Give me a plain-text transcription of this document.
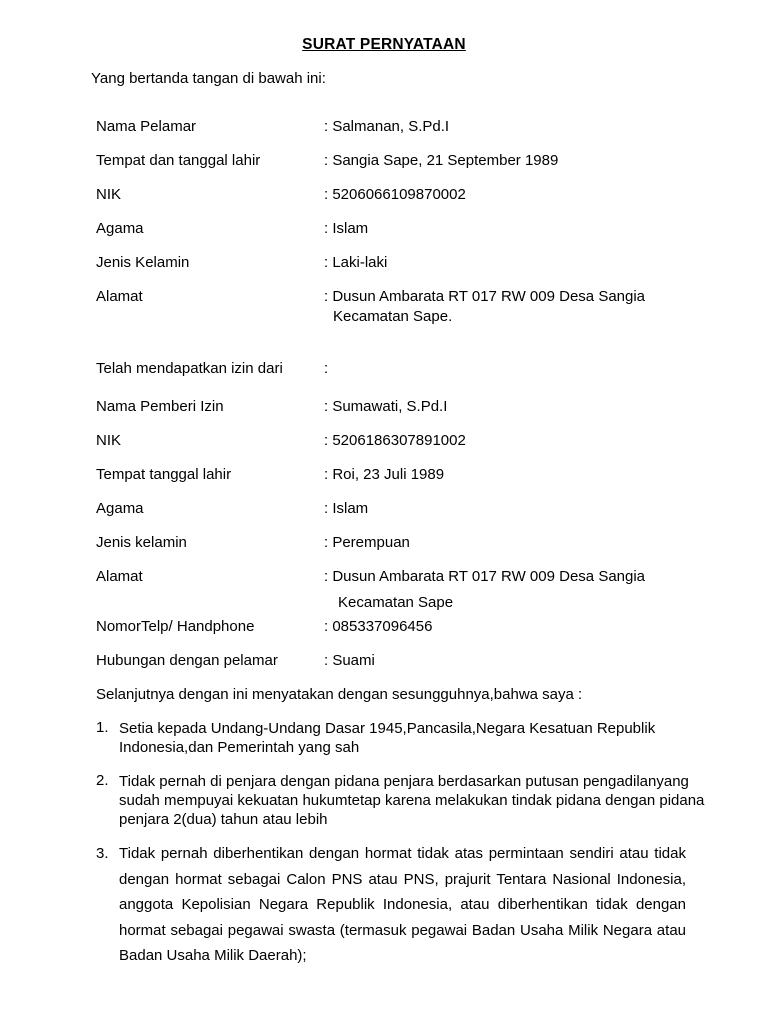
SURAT PERNYATAAN
Yang bertanda tangan di bawah ini:
Nama Pelamar	: Salmanan, S.Pd.I
Tempat dan tanggal lahir	: Sangia Sape, 21 September 1989
NIK	: 5206066109870002
Agama	: Islam
Jenis Kelamin	: Laki-laki
Alamat	: Dusun Ambarata RT 017 RW 009 Desa Sangia
Kecamatan Sape.
Telah mendapatkan izin dari	:
Nama Pemberi Izin	: Sumawati, S.Pd.I
NIK	: 5206186307891002
Tempat tanggal lahir	: Roi, 23 Juli 1989
Agama	: Islam
Jenis kelamin	: Perempuan
Alamat	: Dusun Ambarata RT 017 RW 009 Desa Sangia
Kecamatan Sape
NomorTelp/ Handphone	: 085337096456
Hubungan dengan pelamar	: Suami
Selanjutnya dengan ini menyatakan dengan sesungguhnya,bahwa saya :
1. Setia kepada Undang-Undang Dasar 1945,Pancasila,Negara Kesatuan Republik Indonesia,dan Pemerintah yang sah
2. Tidak pernah di penjara dengan pidana penjara berdasarkan putusan pengadilanyang sudah mempuyai kekuatan hukumtetap karena melakukan tindak pidana dengan pidana penjara 2(dua) tahun atau lebih
3. Tidak pernah diberhentikan dengan hormat tidak atas permintaan sendiri atau tidak dengan hormat sebagai Calon PNS atau PNS, prajurit Tentara Nasional Indonesia, anggota Kepolisian Negara Republik Indonesia, atau diberhentikan tidak dengan hormat sebagai pegawai swasta (termasuk pegawai Badan Usaha Milik Negara atau Badan Usaha Milik Daerah);
